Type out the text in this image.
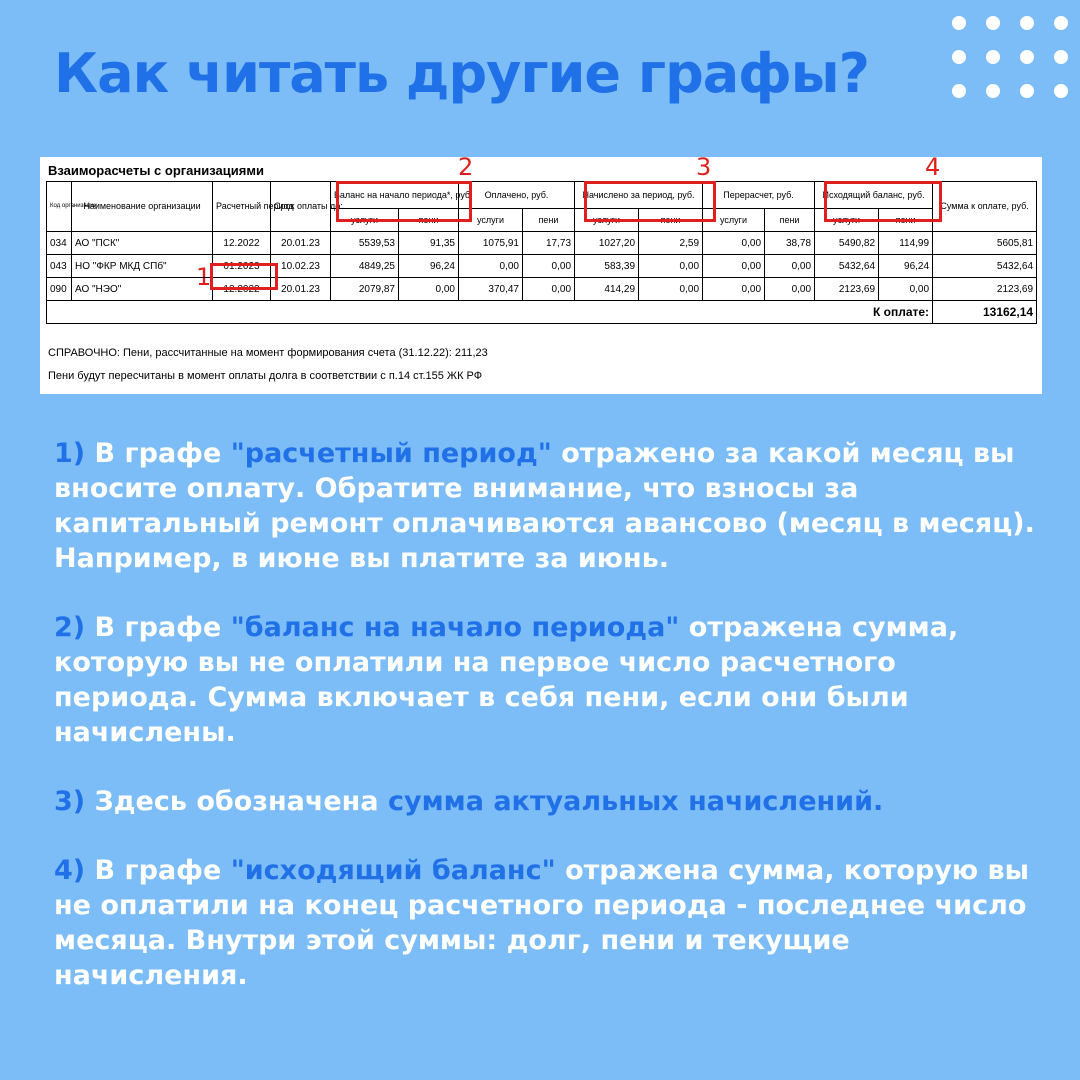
Как читать другие графы?
Взаиморасчеты с организациями	2	3	4
1
Код организации	Наименование организации	Расчетный период	Срок оплаты до:	Баланс на начало периода*, руб.		Оплачено, руб.		Начислено за период, руб.		Перерасчет, руб.		Исходящий баланс, руб.		Сумма к оплате, руб.
				услуги	пени	услуги	пени	услуги	пени	услуги	пени	услуги	пени	
034	АО "ПСК"	12.2022	20.01.23	5539,53	91,35	1075,91	17,73	1027,20	2,59	0,00	38,78	5490,82	114,99	5605,81
043	НО "ФКР МКД СПб"	01.2023	10.02.23	4849,25	96,24	0,00	0,00	583,39	0,00	0,00	0,00	5432,64	96,24	5432,64
090	АО "НЭО"	12.2022	20.01.23	2079,87	0,00	370,47	0,00	414,29	0,00	0,00	0,00	2123,69	0,00	2123,69
К оплате:														13162,14
СПРАВОЧНО: Пени, рассчитанные на момент формирования счета (31.12.22): 211,23
Пени будут пересчитаны в момент оплаты долга в соответствии с п.14 ст.155 ЖК РФ

1) В графе "расчетный период" отражено за какой месяц вы вносите оплату. Обратите внимание, что взносы за капитальный ремонт оплачиваются авансово (месяц в месяц). Например, в июне вы платите за июнь.

2) В графе "баланс на начало периода" отражена сумма, которую вы не оплатили на первое число расчетного периода. Сумма включает в себя пени, если они были начислены.

3) Здесь обозначена сумма актуальных начислений.

4) В графе "исходящий баланс" отражена сумма, которую вы не оплатили на конец расчетного периода - последнее число месяца. Внутри этой суммы: долг, пени и текущие начисления.
